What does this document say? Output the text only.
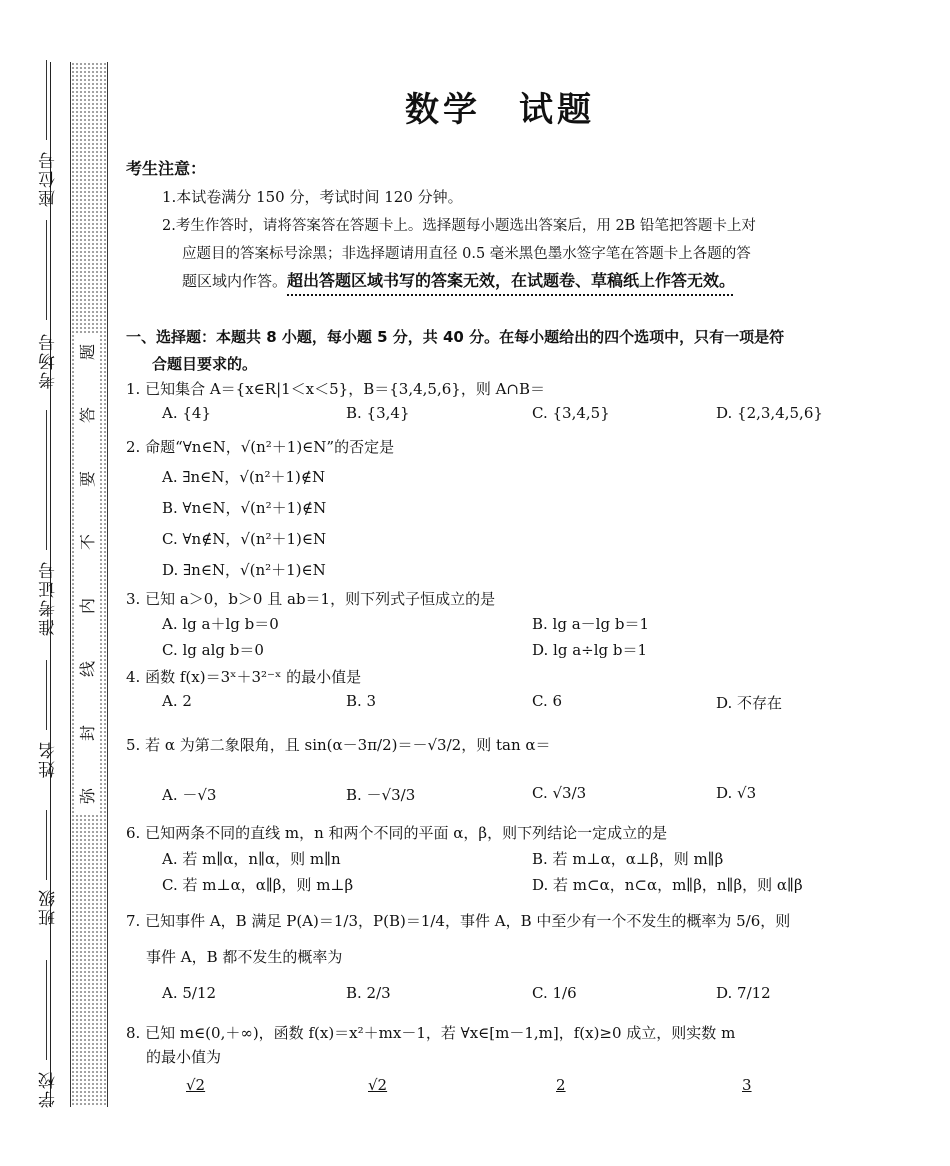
座位号
考场号
准考证号
姓名
班级
学校
题
答
要
不
内
线
封
弥
数学　试题
考生注意：
1.本试卷满分 150 分，考试时间 120 分钟。
2.考生作答时，请将答案答在答题卡上。选择题每小题选出答案后，用 2B 铅笔把答题卡上对
应题目的答案标号涂黑；非选择题请用直径 0.5 毫米黑色墨水签字笔在答题卡上各题的答
题区域内作答。超出答题区域书写的答案无效，在试题卷、草稿纸上作答无效。
一、选择题：本题共 8 小题，每小题 5 分，共 40 分。在每小题给出的四个选项中，只有一项是符
合题目要求的。
1. 已知集合 A＝{x∈R|1＜x＜5}，B＝{3,4,5,6}，则 A∩B＝
A. {4}	B. {3,4}	C. {3,4,5}	D. {2,3,4,5,6}
2. 命题“∀n∈N，√(n²＋1)∈N”的否定是
A. ∃n∈N，√(n²＋1)∉N
B. ∀n∈N，√(n²＋1)∉N
C. ∀n∉N，√(n²＋1)∈N
D. ∃n∈N，√(n²＋1)∈N
3. 已知 a＞0，b＞0 且 ab＝1，则下列式子恒成立的是
A. lg a＋lg b＝0	B. lg a－lg b＝1
C. lg alg b＝0	D. lg a÷lg b＝1
4. 函数 f(x)＝3ˣ＋3²⁻ˣ 的最小值是
A. 2	B. 3	C. 6	D. 不存在
5. 若 α 为第二象限角，且 sin(α－3π/2)＝－√3/2，则 tan α＝
A. －√3	B. －√3/3	C. √3/3	D. √3
6. 已知两条不同的直线 m，n 和两个不同的平面 α，β，则下列结论一定成立的是
A. 若 m∥α，n∥α，则 m∥n	B. 若 m⊥α，α⊥β，则 m∥β
C. 若 m⊥α，α∥β，则 m⊥β	D. 若 m⊂α，n⊂α，m∥β，n∥β，则 α∥β
7. 已知事件 A，B 满足 P(A)＝1/3，P(B)＝1/4，事件 A，B 中至少有一个不发生的概率为 5/6，则
事件 A，B 都不发生的概率为
A. 5/12	B. 2/3	C. 1/6	D. 7/12
8. 已知 m∈(0,＋∞)，函数 f(x)＝x²＋mx－1，若 ∀x∈[m－1,m]，f(x)≥0 成立，则实数 m
的最小值为
√2	√2	2	3
